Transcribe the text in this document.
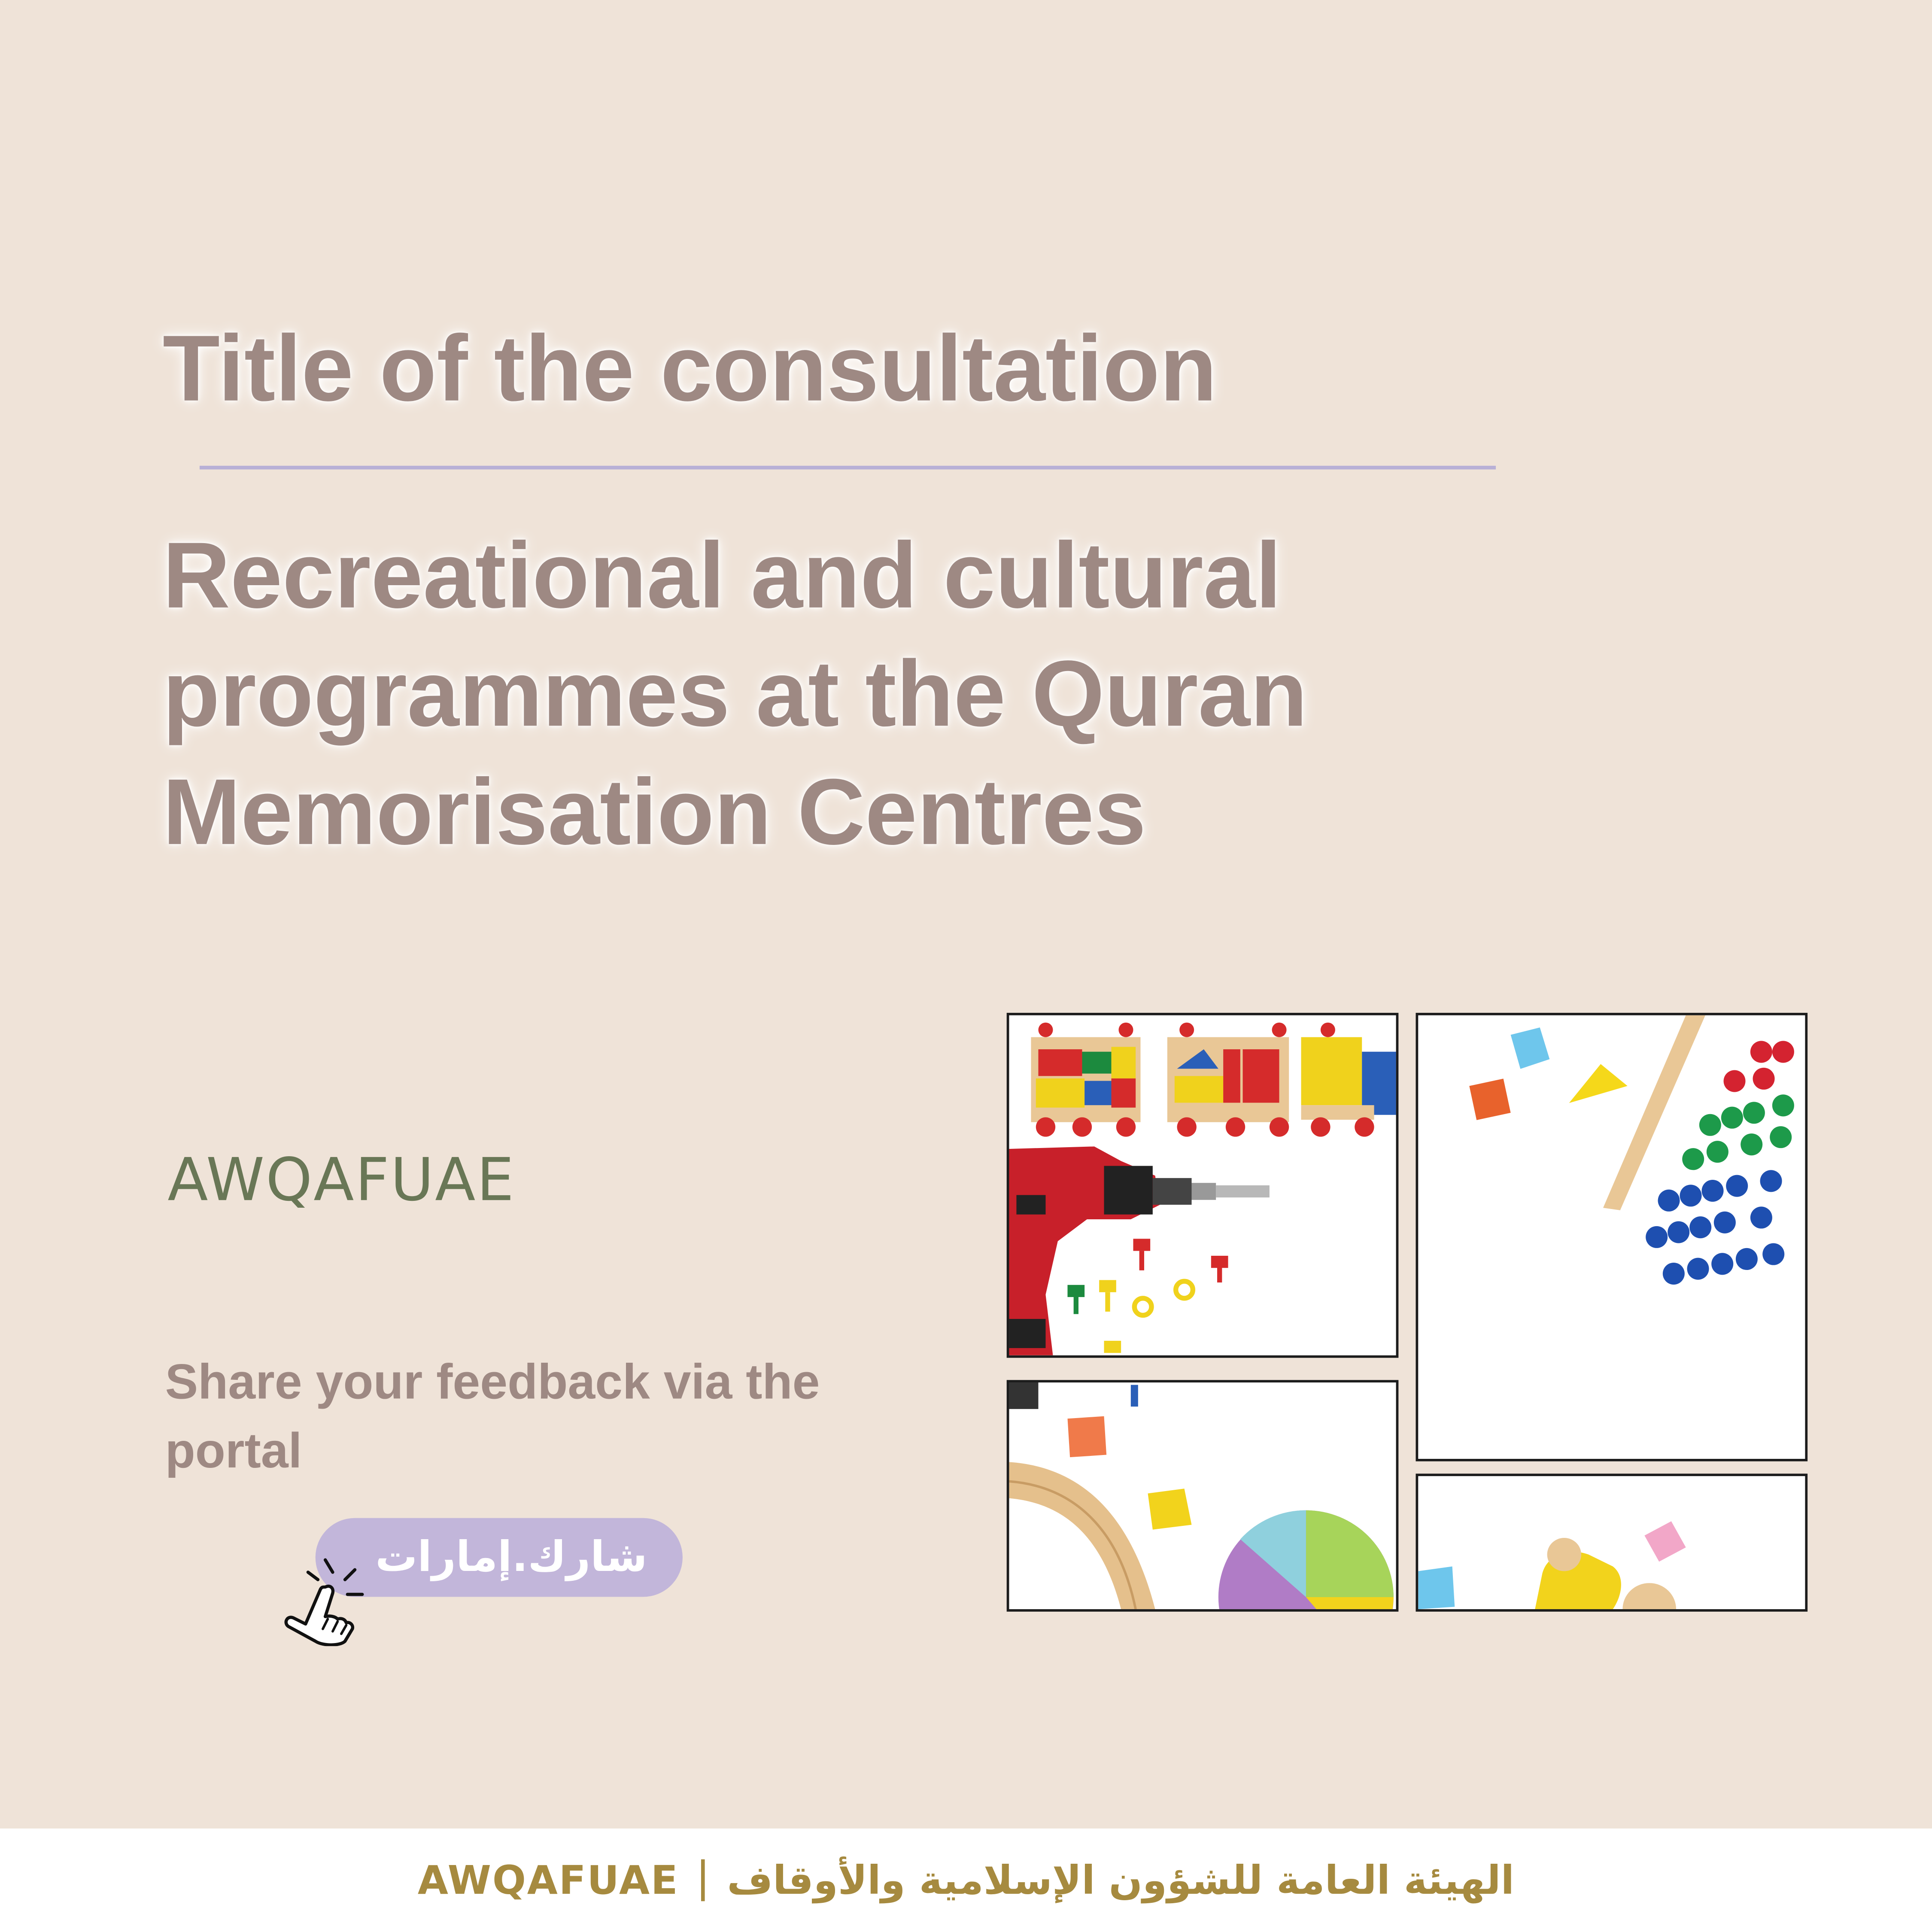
Title of the consultation
Recreational and cultural programmes at the Quran Memorisation Centres
AWQAFUAE

Share your feedback via the portal

شارك.إمارات
AWQAFUAE	الهيئة العامة للشؤون الإسلامية والأوقاف
